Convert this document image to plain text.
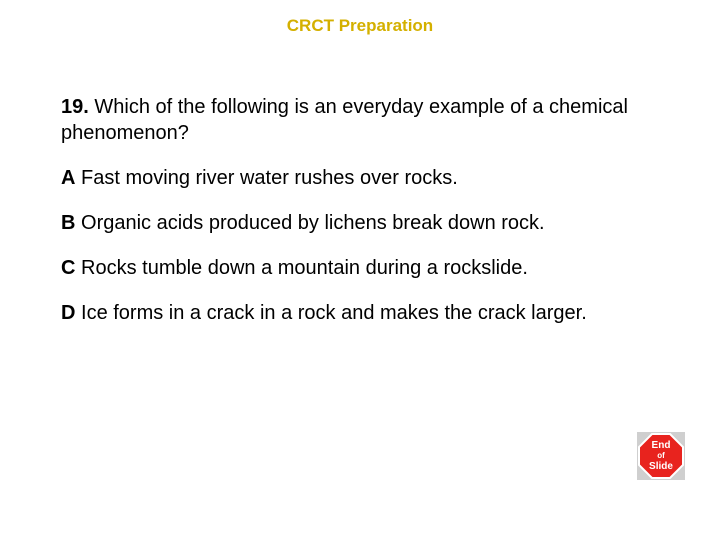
CRCT Preparation

19. Which of the following is an everyday example of a chemical phenomenon?

A Fast moving river water rushes over rocks.

B Organic acids produced by lichens break down rock.

C Rocks tumble down a mountain during a rockslide.

D Ice forms in a crack in a rock and makes the crack larger.

End
of
Slide
